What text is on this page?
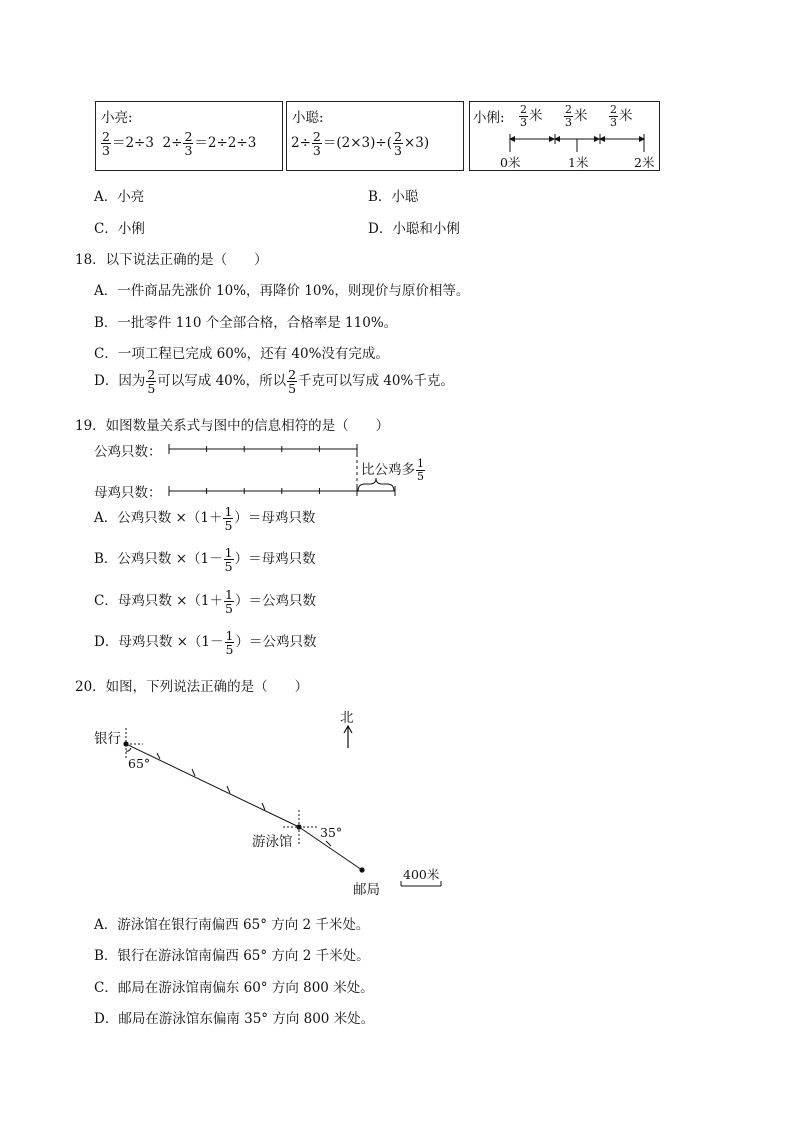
小亮:
$\frac{2}{3} =2\div 3$ $2\div \frac{2}{3} =2\div 2\div 3$
小聪:
$2\div \frac{2}{3} =(2\times 3)\div( \frac{2}{3} \times 3)$
小俐: $\frac{2}{3}$ 米 $\frac{2}{3}$ 米 $\frac{2}{3}$ 米
0米	1米	2米
A．小亮	B．小聪
C．小俐	D．小聪和小俐
18．以下说法正确的是（　　）
A．一件商品先涨价 10%，再降价 10%，则现价与原价相等。
B．一批零件 110 个全部合格，合格率是 110%。
C．一项工程已完成 60%，还有 40%没有完成。
D．因为 $\frac{2}{5}$ 可以写成 40%，所以 $\frac{2}{5}$ 千克可以写成 40%千克。
19．如图数量关系式与图中的信息相符的是（　　）
公鸡只数：
母鸡只数：
比公鸡多 $\frac{1}{5}$
A．公鸡只数 $\times(1+ \frac{1}{5}$ ）＝母鸡只数
B．公鸡只数 $\times(1- \frac{1}{5}$ ）＝母鸡只数
C．母鸡只数 $\times(1+ \frac{1}{5}$ ）＝公鸡只数
D．母鸡只数 $\times(1- \frac{1}{5}$ ）＝公鸡只数
20．如图，下列说法正确的是（　　）
北
银行
65°
游泳馆
35°
邮局
400米
A．游泳馆在银行南偏西 65° 方向 2 千米处。
B．银行在游泳馆南偏西 65° 方向 2 千米处。
C．邮局在游泳馆南偏东 60° 方向 800 米处。
D．邮局在游泳馆东偏南 35° 方向 800 米处。
